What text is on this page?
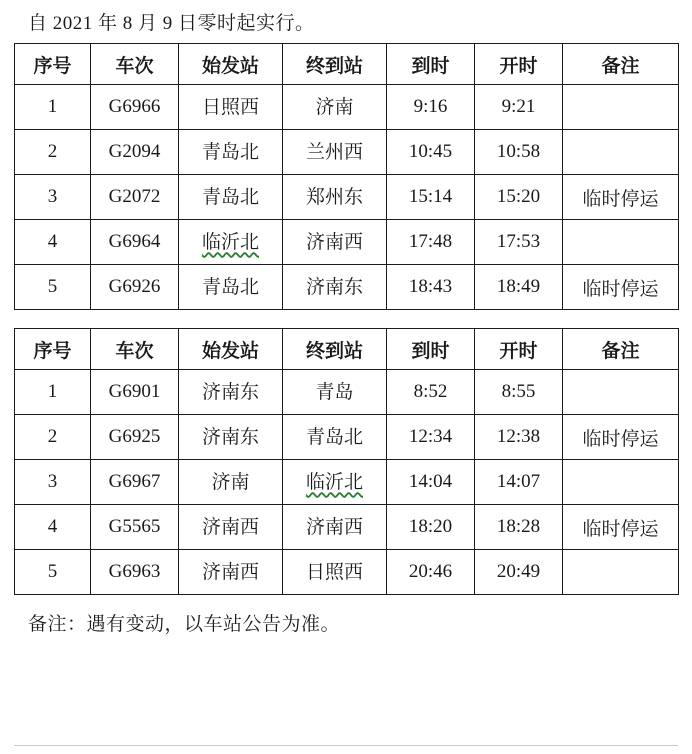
自 2021 年 8 月 9 日零时起实行。
序号	车次	始发站	终到站	到时	开时	备注
1	G6966	日照西	济南	9:16	9:21	
2	G2094	青岛北	兰州西	10:45	10:58	
3	G2072	青岛北	郑州东	15:14	15:20	临时停运
4	G6964	临沂北	济南西	17:48	17:53	
5	G6926	青岛北	济南东	18:43	18:49	临时停运
序号	车次	始发站	终到站	到时	开时	备注
1	G6901	济南东	青岛	8:52	8:55	
2	G6925	济南东	青岛北	12:34	12:38	临时停运
3	G6967	济南	临沂北	14:04	14:07	
4	G5565	济南西	济南西	18:20	18:28	临时停运
5	G6963	济南西	日照西	20:46	20:49	
备注：遇有变动，以车站公告为准。
